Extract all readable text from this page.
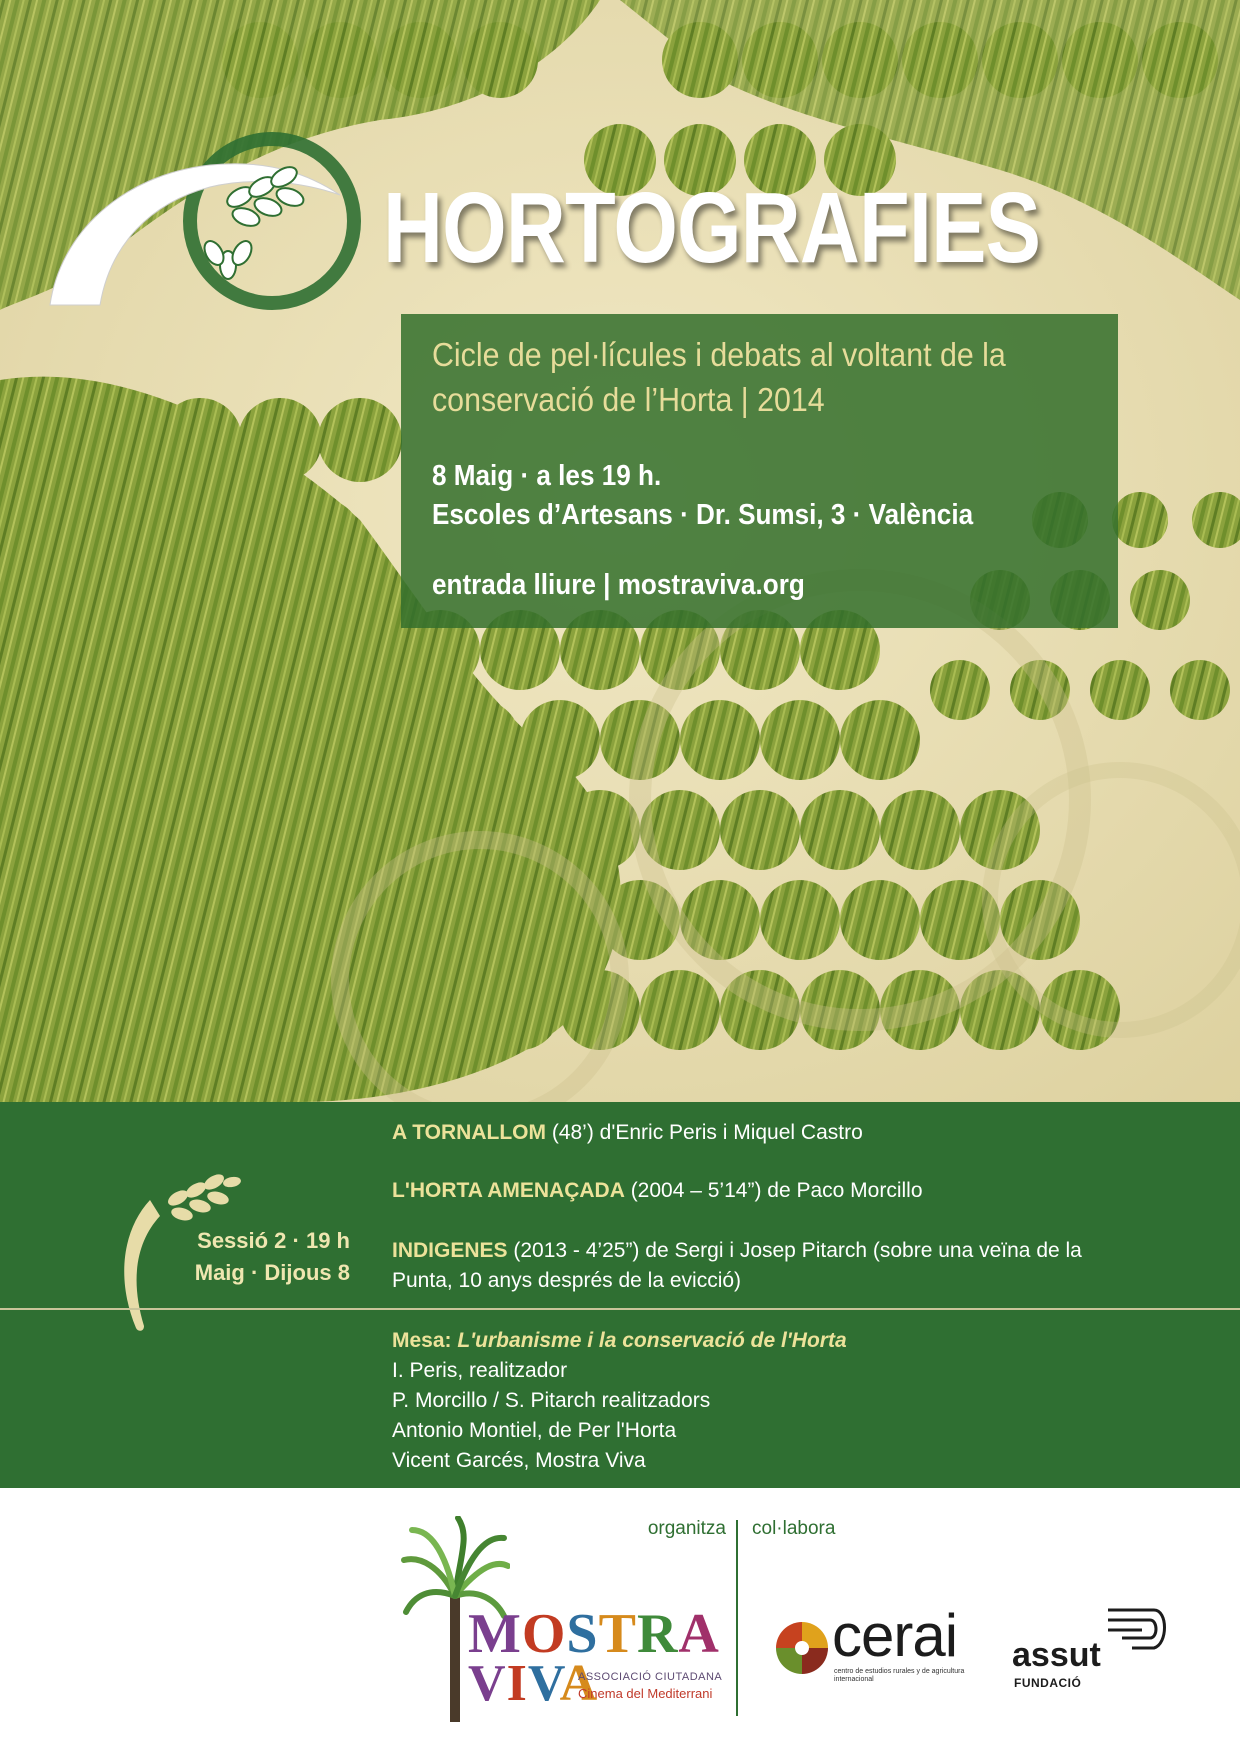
HORTOGRAFIES

Cicle de pel·lícules i debats al voltant de la conservació de l’Horta | 2014

8 Maig · a les 19 h.

Escoles d’Artesans · Dr. Sumsi, 3 · València

entrada lliure | mostraviva.org

Sessió 2 · 19 h
Maig · Dijous 8

A TORNALLOM (48’) d'Enric Peris i Miquel Castro

L'HORTA AMENAÇADA (2004 – 5’14”) de Paco Morcillo

INDIGENES (2013 - 4’25”) de Sergi i Josep Pitarch (sobre una veïna de la Punta, 10 anys després de la evicció)

Mesa: L'urbanisme i la conservació de l'Horta
I. Peris, realitzador
P. Morcillo / S. Pitarch realitzadors
Antonio Montiel, de Per l'Horta
Vicent Garcés, Mostra Viva
organitza col·labora
MOSTRA
VIVA
ASSOCIACIÓ CIUTADANA
Cinema del Mediterrani
cerai
centro de estudios rurales y de agricultura internacional
assut
FUNDACIÓ
